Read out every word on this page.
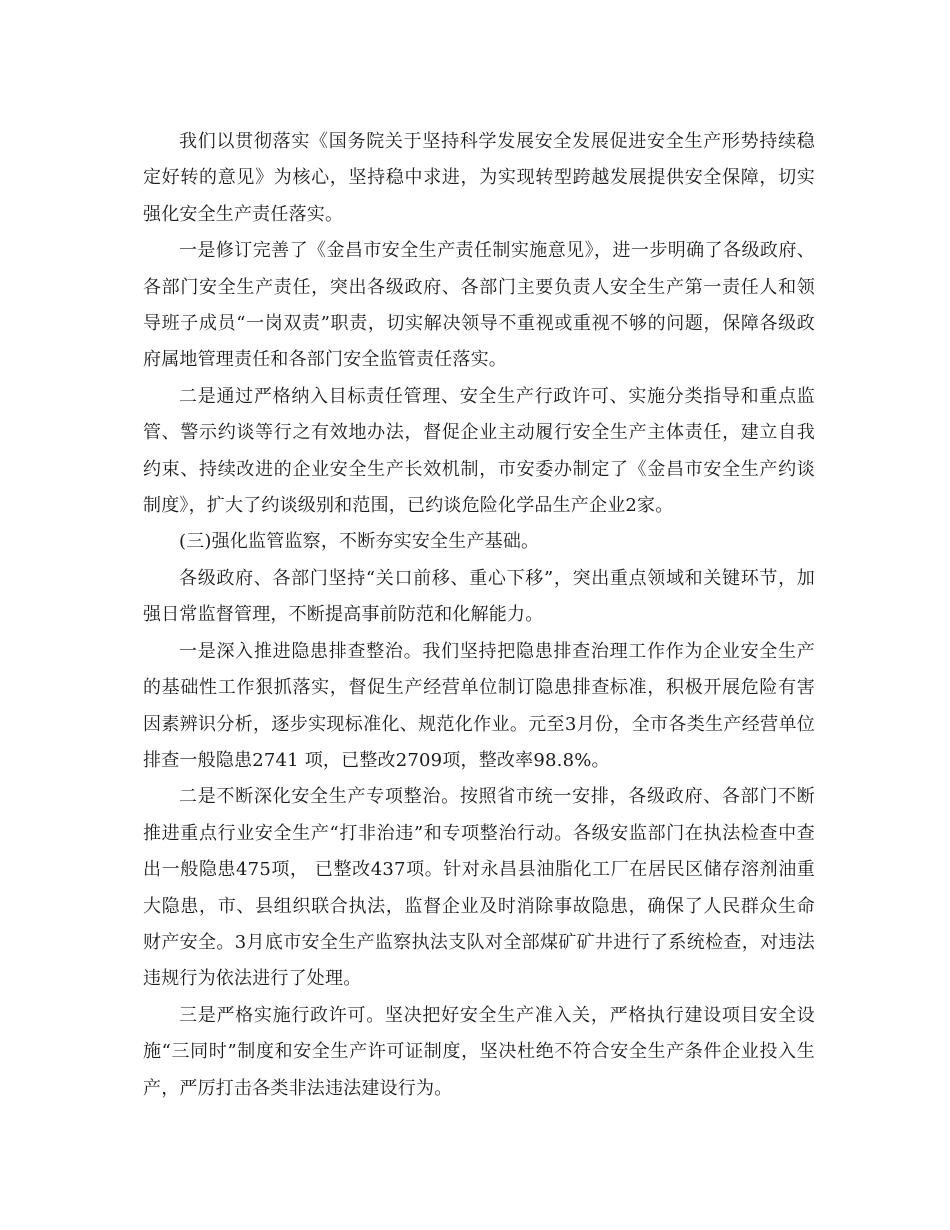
我们以贯彻落实《国务院关于坚持科学发展安全发展促进安全生产形势持续稳定好转的意见》为核心，坚持稳中求进，为实现转型跨越发展提供安全保障，切实强化安全生产责任落实。

一是修订完善了《金昌市安全生产责任制实施意见》，进一步明确了各级政府、各部门安全生产责任，突出各级政府、各部门主要负责人安全生产第一责任人和领导班子成员“一岗双责”职责，切实解决领导不重视或重视不够的问题，保障各级政府属地管理责任和各部门安全监管责任落实。

二是通过严格纳入目标责任管理、安全生产行政许可、实施分类指导和重点监管、警示约谈等行之有效地办法，督促企业主动履行安全生产主体责任，建立自我约束、持续改进的企业安全生产长效机制，市安委办制定了《金昌市安全生产约谈制度》，扩大了约谈级别和范围，已约谈危险化学品生产企业2家。

(三)强化监管监察，不断夯实安全生产基础。

各级政府、各部门坚持“关口前移、重心下移”，突出重点领域和关键环节，加强日常监督管理，不断提高事前防范和化解能力。

一是深入推进隐患排查整治。我们坚持把隐患排查治理工作作为企业安全生产的基础性工作狠抓落实，督促生产经营单位制订隐患排查标准，积极开展危险有害因素辨识分析，逐步实现标准化、规范化作业。元至3月份，全市各类生产经营单位排查一般隐患2741 项，已整改2709项，整改率98.8%。

二是不断深化安全生产专项整治。按照省市统一安排，各级政府、各部门不断推进重点行业安全生产“打非治违”和专项整治行动。各级安监部门在执法检查中查出一般隐患475项， 已整改437项。针对永昌县油脂化工厂在居民区储存溶剂油重大隐患，市、县组织联合执法，监督企业及时消除事故隐患，确保了人民群众生命财产安全。3月底市安全生产监察执法支队对全部煤矿矿井进行了系统检查，对违法违规行为依法进行了处理。

三是严格实施行政许可。坚决把好安全生产准入关，严格执行建设项目安全设施“三同时”制度和安全生产许可证制度，坚决杜绝不符合安全生产条件企业投入生产，严厉打击各类非法违法建设行为。
